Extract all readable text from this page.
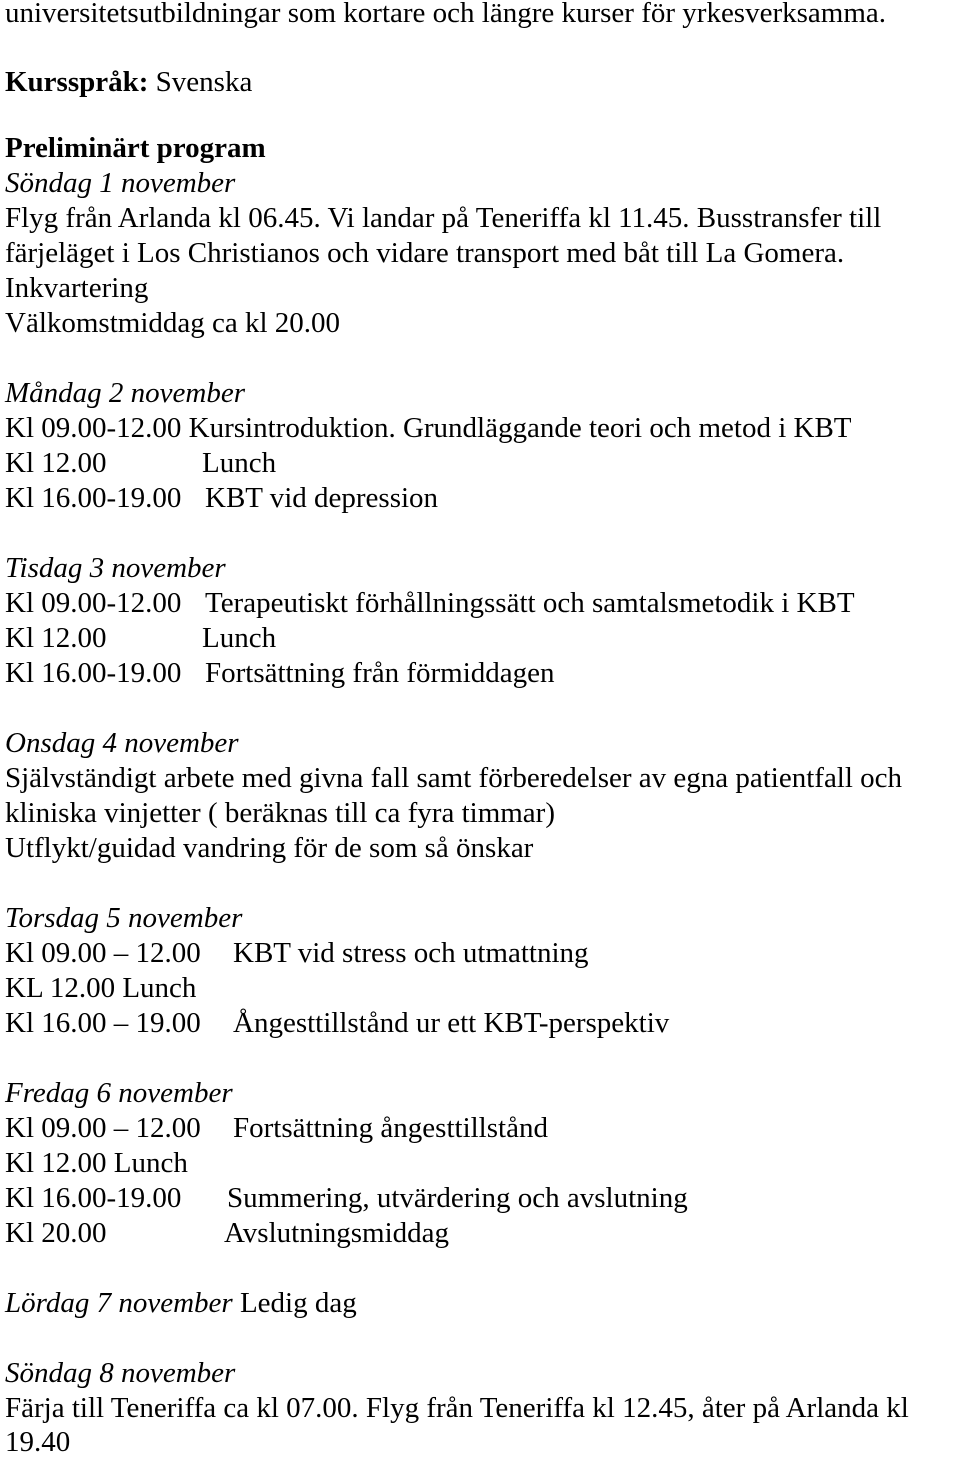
universitetsutbildningar som kortare och längre kurser för yrkesverksamma.
Kursspråk: Svenska
Preliminärt program
Söndag 1 november
Flyg från Arlanda kl 06.45. Vi landar på Teneriffa kl 11.45. Busstransfer till
färjeläget i Los Christianos och vidare transport med båt till La Gomera.
Inkvartering
Välkomstmiddag ca kl 20.00
Måndag 2 november
Kl 09.00-12.00 Kursintroduktion. Grundläggande teori och metod i KBT
Kl 12.00	Lunch
Kl 16.00-19.00 KBT vid depression
Tisdag 3 november
Kl 09.00-12.00 Terapeutiskt förhållningssätt och samtalsmetodik i KBT
Kl 12.00	Lunch
Kl 16.00-19.00 Fortsättning från förmiddagen
Onsdag 4 november
Självständigt arbete med givna fall samt förberedelser av egna patientfall och
kliniska vinjetter ( beräknas till ca fyra timmar)
Utflykt/guidad vandring för de som så önskar
Torsdag 5 november
Kl 09.00 – 12.00 KBT vid stress och utmattning
KL 12.00 Lunch
Kl 16.00 – 19.00 Ångesttillstånd ur ett KBT-perspektiv
Fredag 6 november
Kl 09.00 – 12.00 Fortsättning ångesttillstånd
Kl 12.00 Lunch
Kl 16.00-19.00 Summering, utvärdering och avslutning
Kl 20.00	Avslutningsmiddag
Lördag 7 november Ledig dag
Söndag 8 november
Färja till Teneriffa ca kl 07.00. Flyg från Teneriffa kl 12.45, åter på Arlanda kl
19.40
